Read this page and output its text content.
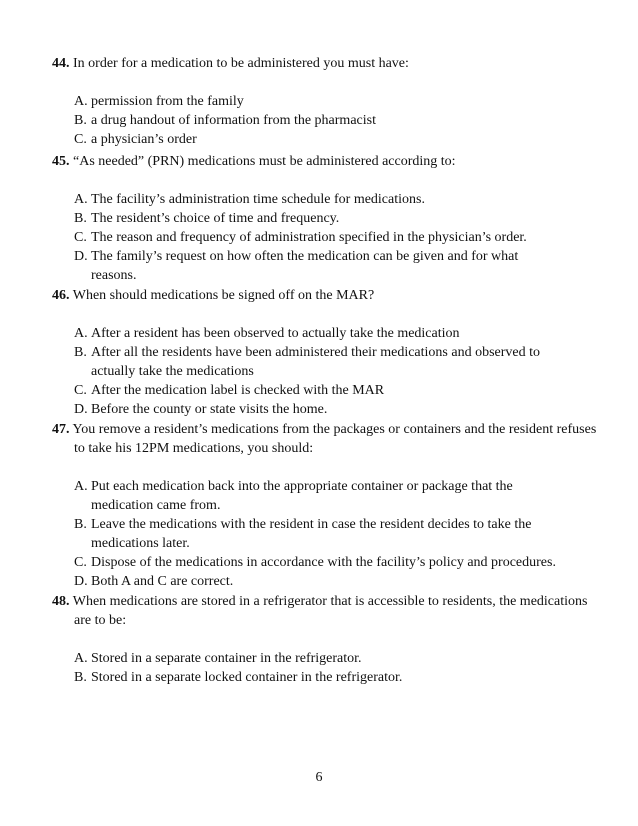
44. In order for a medication to be administered you must have:
A. permission from the family
B. a drug handout of information from the pharmacist
C. a physician’s order
45. “As needed” (PRN) medications must be administered according to:
A. The facility’s administration time schedule for medications.
B. The resident’s choice of time and frequency.
C. The reason and frequency of administration specified in the physician’s order.
D. The family’s request on how often the medication can be given and for what reasons.
46. When should medications be signed off on the MAR?
A. After a resident has been observed to actually take the medication
B. After all the residents have been administered their medications and observed to actually take the medications
C. After the medication label is checked with the MAR
D. Before the county or state visits the home.
47. You remove a resident’s medications from the packages or containers and the resident refuses to take his 12PM medications, you should:
A. Put each medication back into the appropriate container or package that the medication came from.
B. Leave the medications with the resident in case the resident decides to take the medications later.
C. Dispose of the medications in accordance with the facility’s policy and procedures.
D. Both A and C are correct.
48. When medications are stored in a refrigerator that is accessible to residents, the medications are to be:
A. Stored in a separate container in the refrigerator.
B. Stored in a separate locked container in the refrigerator.
6
